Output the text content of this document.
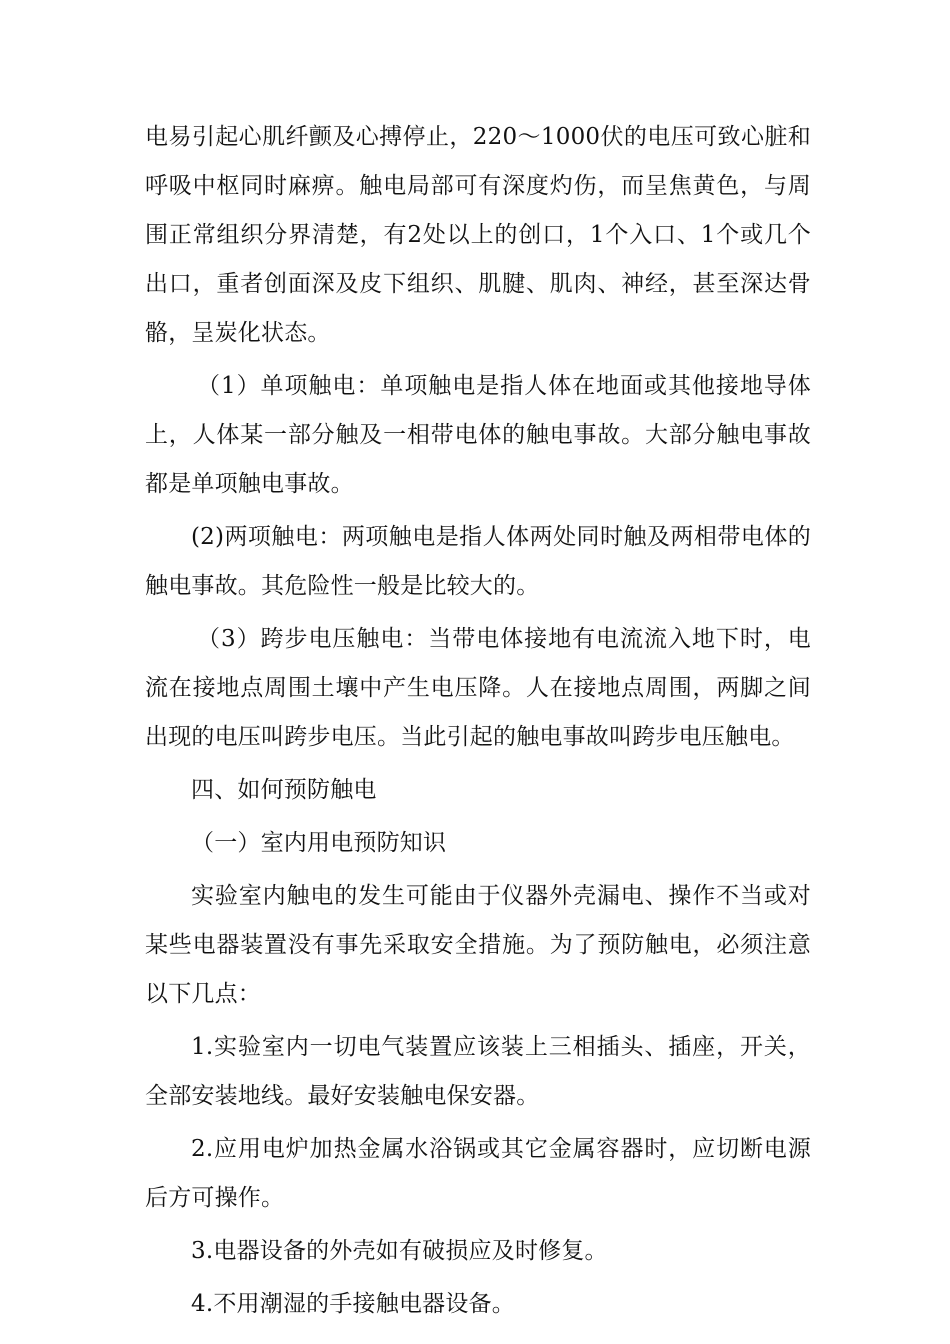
电易引起心肌纤颤及心搏停止，220～1000伏的电压可致心脏和呼吸中枢同时麻痹。触电局部可有深度灼伤，而呈焦黄色，与周围正常组织分界清楚，有2处以上的创口，1个入口、1个或几个出口，重者创面深及皮下组织、肌腱、肌肉、神经，甚至深达骨骼，呈炭化状态。

（1）单项触电：单项触电是指人体在地面或其他接地导体上，人体某一部分触及一相带电体的触电事故。大部分触电事故都是单项触电事故。

(2)两项触电：两项触电是指人体两处同时触及两相带电体的触电事故。其危险性一般是比较大的。

（3）跨步电压触电：当带电体接地有电流流入地下时，电流在接地点周围土壤中产生电压降。人在接地点周围，两脚之间出现的电压叫跨步电压。当此引起的触电事故叫跨步电压触电。

四、如何预防触电

（一）室内用电预防知识

实验室内触电的发生可能由于仪器外壳漏电、操作不当或对某些电器装置没有事先采取安全措施。为了预防触电，必须注意以下几点：

1.实验室内一切电气装置应该装上三相插头、插座，开关，全部安装地线。最好安装触电保安器。

2.应用电炉加热金属水浴锅或其它金属容器时，应切断电源后方可操作。

3.电器设备的外壳如有破损应及时修复。

4.不用潮湿的手接触电器设备。
